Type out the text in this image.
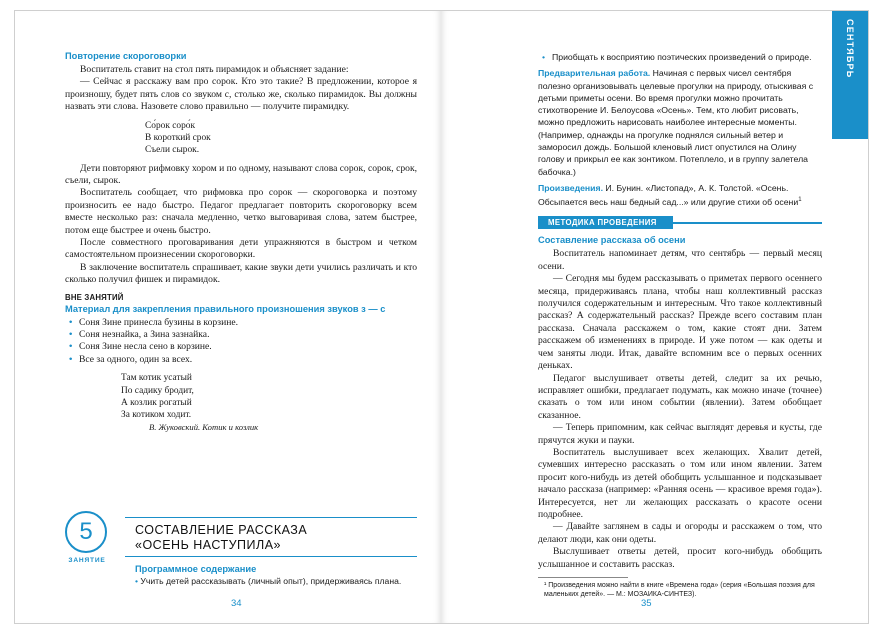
Повторение скороговорки

Воспитатель ставит на стол пять пирамидок и объясняет задание:

— Сейчас я расскажу вам про сорок. Кто это такие? В предложении, которое я произношу, будет пять слов со звуком с, столько же, сколько пирамидок. Вы должны назвать эти слова. Назовете слово правильно — получите пирамидку.

Со́рок соро́к
В короткий срок
Съели сырок.

Дети повторяют рифмовку хором и по одному, называют слова сорок, сорок, срок, съели, сырок.

Воспитатель сообщает, что рифмовка про сорок — скороговорка и поэтому произносить ее надо быстро. Педагог предлагает повторить скороговорку всем вместе несколько раз: сначала медленно, четко выговаривая слова, затем быстрее, потом еще быстрее и очень быстро.

После совместного проговаривания дети упражняются в быстром и четком самостоятельном произнесении скороговорки.

В заключение воспитатель спрашивает, какие звуки дети учились различать и кто сколько получил фишек и пирамидок.

ВНЕ ЗАНЯТИЙ
Материал для закрепления правильного произношения звуков з — с
• Соня Зине принесла бузины в корзине.
• Соня незнайка, а Зина зазнайка.
• Соня Зине несла сено в корзине.
• Все за одного, один за всех.
Там котик усатый
По садику бродит,
А козлик рогатый
За котиком ходит.
В. Жуковский. Котик и козлик
5
ЗАНЯТИЕ
СОСТАВЛЕНИЕ РАССКАЗА
«ОСЕНЬ НАСТУПИЛА»
Программное содержание
• Учить детей рассказывать (личный опыт), придерживаясь плана.
34
СЕНТЯБРЬ
• Приобщать к восприятию поэтических произведений о природе.

Предварительная работа. Начиная с первых чисел сентября полезно организовывать целевые прогулки на природу, отыскивая с детьми приметы осени. Во время прогулки можно прочитать стихотворение И. Белоусова «Осень». Тем, кто любит рисовать, можно предложить нарисовать наиболее интересные моменты. (Например, однажды на прогулке поднялся сильный ветер и заморосил дождь. Большой кленовый лист опустился на Олину голову и прикрыл ее как зонтиком. Потеплело, и в группу залетела бабочка.)

Произведения. И. Бунин. «Листопад», А. К. Толстой. «Осень. Обсыпается весь наш бедный сад...» или другие стихи об осени$^1$

МЕТОДИКА ПРОВЕДЕНИЯ
Составление рассказа об осени

Воспитатель напоминает детям, что сентябрь — первый месяц осени.

— Сегодня мы будем рассказывать о приметах первого осеннего месяца, придерживаясь плана, чтобы наш коллективный рассказ получился содержательным и интересным. Что такое коллективный рассказ? А содержательный рассказ? Прежде всего составим план рассказа. Сначала расскажем о том, какие стоят дни. Затем расскажем об изменениях в природе. И уже потом — как одеты и чем заняты люди. Итак, давайте вспомним все о первых осенних деньках.

Педагог выслушивает ответы детей, следит за их речью, исправляет ошибки, предлагает подумать, как можно иначе (точнее) сказать о том или ином событии (явлении). Затем обобщает сказанное.

— Теперь припомним, как сейчас выглядят деревья и кусты, где прячутся жуки и пауки.

Воспитатель выслушивает всех желающих. Хвалит детей, сумевших интересно рассказать о том или ином явлении. Затем просит кого-нибудь из детей обобщить услышанное и подсказывает начало рассказа (например: «Ранняя осень — красивое время года»). Интересуется, нет ли желающих рассказать о красоте осени подробнее.

— Давайте заглянем в сады и огороды и расскажем о том, что делают люди, как они одеты.

Выслушивает ответы детей, просит кого-нибудь обобщить услышанное и составить рассказ.

¹ Произведения можно найти в книге «Времена года» (серия «Большая поэзия для маленьких детей». — М.: МОЗАИКА-СИНТЕЗ).
35
